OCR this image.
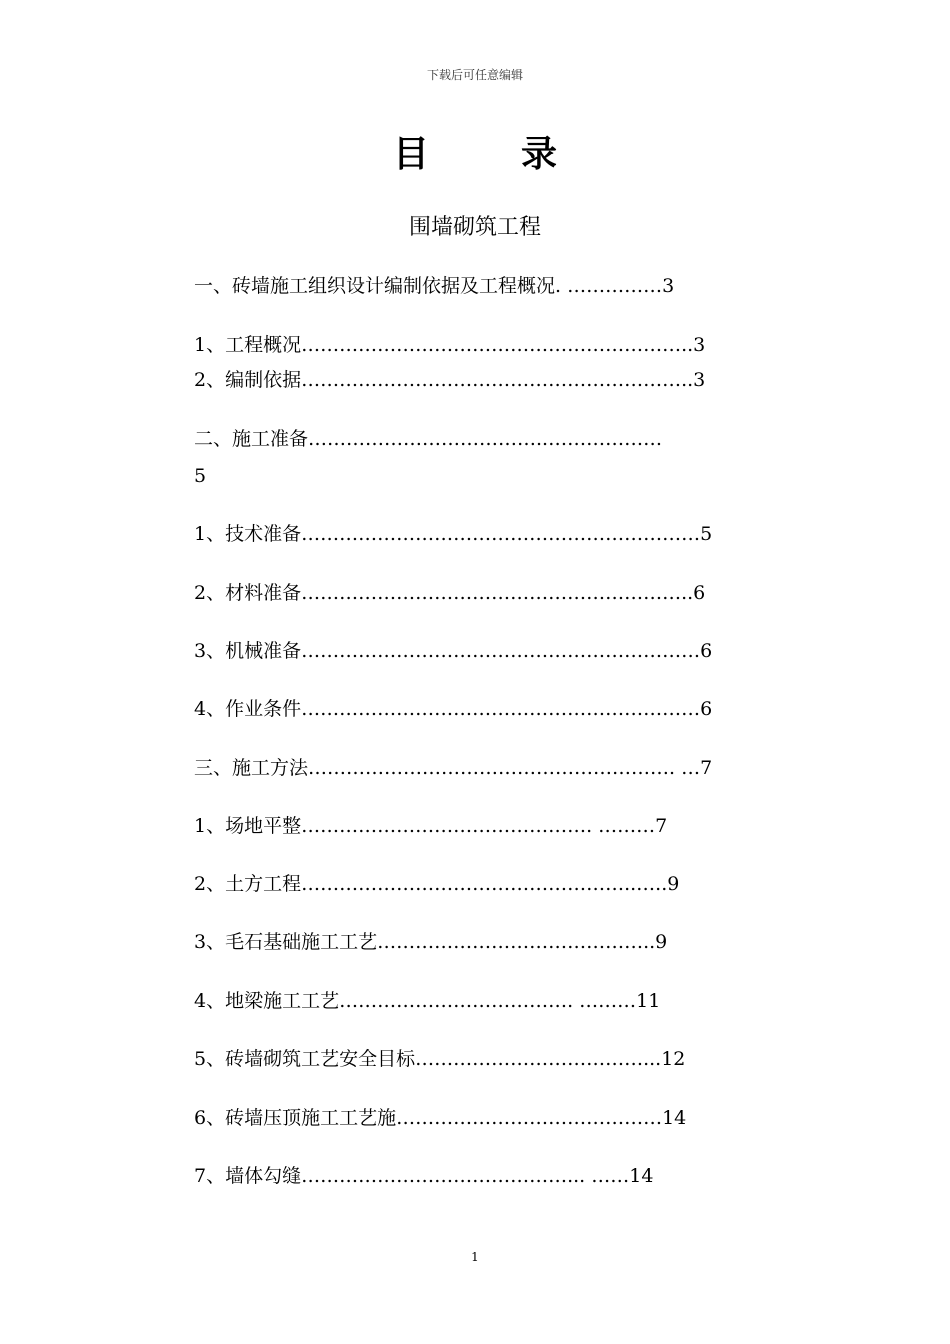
下载后可任意编辑
目	录
围墙砌筑工程
一、砖墙施工组织设计编制依据及工程概况. ……………3
1、工程概况……………………………………………………..3
2、编制依据……………………………………………………..3
二、施工准备………………………………..………………
5
1、技术准备………………………………………………………5
2、材料准备……………………………………………………..6
3、机械准备………………………………………………………6
4、作业条件………………………………………………………6
三、施工方法…………………………………………………. …7
1、场地平整………………………………………. ………7
2、土方工程……………………………………………..…..9
3、毛石基础施工工艺……………………………………..9
4、地梁施工工艺………………………………. ………11
5、砖墙砌筑工艺安全目标………………………………...12
6、砖墙压顶施工工艺施……………………………………14
7、墙体勾缝……………………………………... ……14
1
